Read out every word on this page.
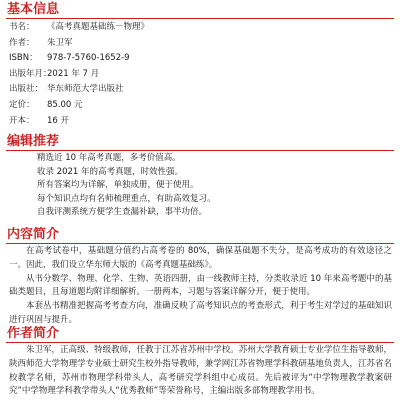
基本信息
书名： 《高考真题基础练－物理》
作者： 朱卫军
ISBN： 978-7-5760-1652-9
出版年月：2021 年 7 月
出版社： 华东师范大学出版社
定价： 85.00 元
开本： 16 开
编辑推荐
精选近 10 年高考真题，多考价值高。
收录 2021 年的高考真题，时效性强。
所有答案均为详解，单独成册，便于使用。
每个知识点均有名师梳理重点，有助高效复习。
自我评测系统方便学生查漏补缺，事半功倍。
内容简介

在高考试卷中，基础题分值约占高考卷的 80%，确保基础题不失分，是高考成功的有效途径之一。因此，我们设立华东师大版的《高考真题基础练》。

从书分数学、物理、化学、生物、英语四册，由一线教师主持，分类收录近 10 年来高考题中的基础类题目，且每道题均附详细解析。一册两本，习题与答案详解分开，便于使用。

本套丛书精准把握高考考查方向，准确反映了高考知识点的考查形式，利于考生对学过的基础知识进行巩固与提升。

作者简介

朱卫军，正高级、特级教师，任教于江苏省苏州中学校。苏州大学教育硕士专业学位生指导教师，陕西师范大学物理学专业硕士研究生校外指导教师，兼学网江苏省物理学科教研基地负责人，江苏省名校教学名师，苏州市物理学科带头人，高考研究学科组中心成员。先后被评为“中学物理教学教案研究”中学物理学科教学带头人“优秀教师”等荣誉称号，主编出版多部物理教学用书。
